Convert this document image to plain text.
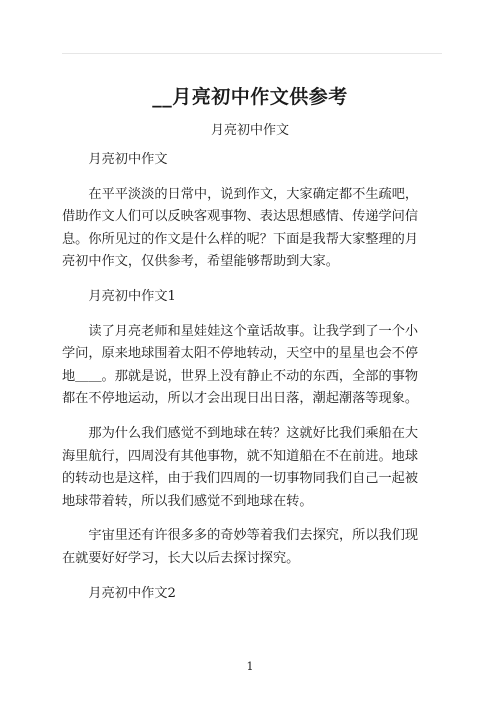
__月亮初中作文供参考
月亮初中作文

月亮初中作文

在平平淡淡的日常中，说到作文，大家确定都不生疏吧，
借助作文人们可以反映客观事物、表达思想感情、传递学问信
息。你所见过的作文是什么样的呢？下面是我帮大家整理的月
亮初中作文，仅供参考，希望能够帮助到大家。

月亮初中作文1

读了月亮老师和星娃娃这个童话故事。让我学到了一个小
学问，原来地球围着太阳不停地转动，天空中的星星也会不停
地＿＿。那就是说，世界上没有静止不动的东西，全部的事物
都在不停地运动，所以才会出现日出日落，潮起潮落等现象。

那为什么我们感觉不到地球在转？这就好比我们乘船在大
海里航行，四周没有其他事物，就不知道船在不在前进。地球
的转动也是这样，由于我们四周的一切事物同我们自己一起被
地球带着转，所以我们感觉不到地球在转。

宇宙里还有许很多多的奇妙等着我们去探究，所以我们现
在就要好好学习，长大以后去探讨探究。

月亮初中作文2

1
